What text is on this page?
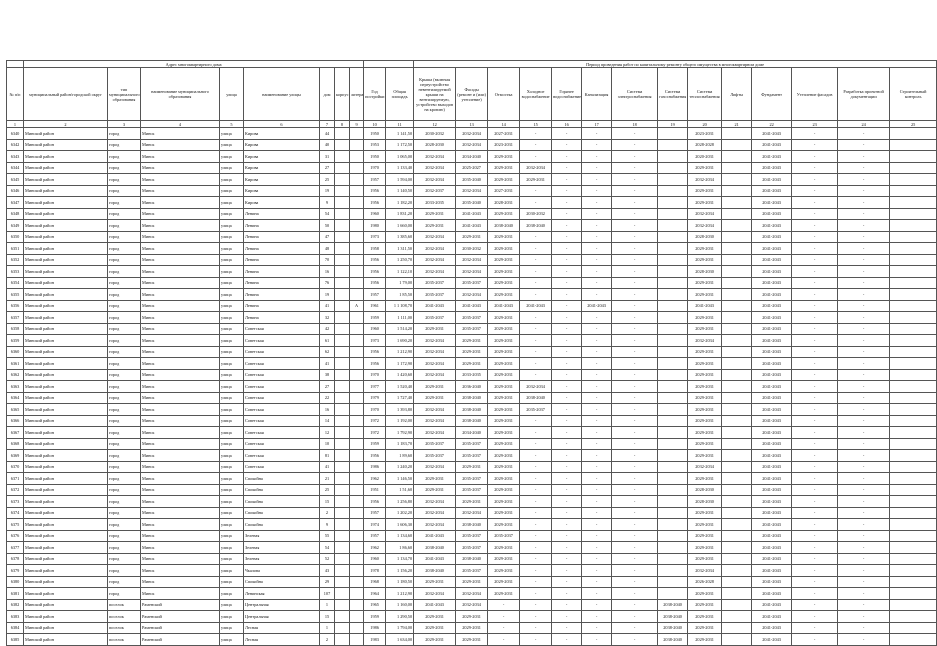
	Адрес многоквартирного дома										Период проведения работ по капитальному ремонту общего имущества в многоквартирном доме													
№ п/п	муниципальный район/городской округ	тип муниципального образования	наименование муниципального образования	улица	наименование улицы	дом	корпус	литера	Год постройки	Общая площадь	Крыша (включая переустройство невентилируемой крыши на вентилируемую, устройство выходов на кровлю)	Фасады (ремонт и (или) утепление)	Отмостка	Холодное водоснабжение	Горячее водоснабжение	Канализация	Система электроснабжения	Система газоснабжения	Система теплоснабжения	Лифты	Фундамент	Утепление фасадов	Разработка проектной документации	Строительный контроль
1	2	3	4	5	6	7	8	9	10	11	12	13	14	15	16	17	18	19	20	21	22	23	24	25
6340	Минский район	город	Минск	улица	Кирова	44			1950	1 141,50	2030-2032	2032-2034	2027-2031	-	-	-	-		2023-2031		2041-2043	-	-	
6342	Минский район	город	Минск	улица	Кирова	40			1953	1 172,50	2028-2030	2032-2034	2023-2031	-	-	-	-		2028-2028		2041-2043	-	-	
6343	Минский район	город	Минск	улица	Кирова	31			1950	1 065,00	2032-2034	2034-2040	2029-2031	-	-	-	-		2020-2031		2041-2043	-	-	
6344	Минский район	город	Минск	улица	Кирова	27			1970	1 133,40	2032-2034	2025-2027	2029-2031	2032-2034	-	-	-		2029-2031		2041-2043	-	-	
6345	Минский район	город	Минск	улица	Кирова	25			1957	1 594,00	2032-2034	2035-2040	2029-2031	2029-2031	-	-	-		2032-2034		2041-2043	-	-	
6346	Минский район	город	Минск	улица	Кирова	19			1956	1 140,50	2032-2037	2032-2034	2027-2031	-	-	-	-		2029-2031		2041-2043	-	-	
6347	Минский район	город	Минск	улица	Кирова	9			1956	1 182,20	2033-2035	2035-2040	2028-2031	-	-	-	-		2029-2031		2041-2043	-	-	
6348	Минский район	город	Минск	улица	Ленина	54			1960	1 831,20	2029-2031	2041-2043	2029-2031	2030-2032	-	-	-		2032-2034		2041-2043	-	-	
6349	Минский район	город	Минск	улица	Ленина	50			1980	1 660,00	2029-2031	2041-2043	2038-2040	2038-2040	-	-	-		2032-2034		2041-2043	-	-	
6350	Минский район	город	Минск	улица	Ленина	47			1973	1 385,60	2032-2034	2029-2031	2029-2031	-	-	-	-		2028-2030		2041-2043	-	-	
6351	Минский район	город	Минск	улица	Ленина	48			1958	1 311,50	2032-2034	2030-2032	2029-2031	-	-	-	-		2029-2031		2041-2043	-	-	
6352	Минский район	город	Минск	улица	Ленина	70			1956	1 250,70	2032-2034	2032-2034	2029-2031	-	-	-	-		2029-2031		2041-2043	-	-	
6353	Минский район	город	Минск	улица	Ленина	16			1956	1 122,10	2032-2034	2032-2034	2029-2031	-	-	-	-		2028-2030		2041-2043	-	-	
6354	Минский район	город	Минск	улица	Ленина	76			1956	1 79,00	2035-2037	2035-2037	2029-2031	-	-	-	-		2029-2031		2041-2043	-	-	
6355	Минский район	город	Минск	улица	Ленина	19			1957	1 85,50	2035-2037	2032-2034	2029-2031	-	-	-	-		2029-2031		2041-2043	-	-	
6356	Минский район	город	Минск	улица	Ленина	41		А	1961	1 1 108,70	2041-2043	2041-2043	2041-2043	2041-2043	-	2041-2043	-		2041-2043		2041-2043	-	-	
6357	Минский район	город	Минск	улица	Ленина	32			1959	1 111,00	2035-2037	2035-2037	2029-2031	-	-	-	-		2029-2031		2041-2043	-	-	
6358	Минский район	город	Минск	улица	Советская	42			1960	1 514,20	2029-2031	2035-2037	2029-2031	-	-	-	-		2029-2031		2041-2043	-	-	
6359	Минский район	город	Минск	улица	Советская	61			1973	1 690,20	2032-2034	2029-2031	2029-2031	-	-	-	-		2032-2034		2041-2043	-	-	
6360	Минский район	город	Минск	улица	Советская	62			1956	1 212,90	2032-2034	2029-2031	2029-2031	-	-	-	-		2029-2031		2041-2043	-	-	
6361	Минский район	город	Минск	улица	Советская	41			1956	1 172,90	2032-2034	2029-2031	2029-2031	-	-	-	-		2029-2031		2041-2043	-	-	
6362	Минский район	город	Минск	улица	Советская	38			1970	1 420,60	2032-2034	2033-2035	2029-2031	-	-	-	-		2029-2031		2041-2043	-	-	
6363	Минский район	город	Минск	улица	Советская	27			1977	1 520,40	2029-2031	2036-2040	2029-2031	2032-2034	-	-	-		2029-2031		2041-2043	-	-	
6364	Минский район	город	Минск	улица	Советская	22			1979	1 727,40	2029-2031	2038-2040	2029-2031	2038-2040	-	-	-		2029-2031		2041-2043	-	-	
6365	Минский район	город	Минск	улица	Советская	16			1970	1 393,80	2032-2034	2038-2040	2029-2031	2035-2037	-	-	-		2029-2031		2041-2043	-	-	
6366	Минский район	город	Минск	улица	Советская	14			1972	1 192,00	2032-2034	2038-2040	2029-2031	-	-	-	-		2029-2031		2041-2043	-	-	
6367	Минский район	город	Минск	улица	Советская	12			1972	1 792,90	2032-2034	2034-2040	2029-2031	-	-	-	-		2029-2031		2041-2043	-	-	
6368	Минский район	город	Минск	улица	Советская	10			1959	1 183,70	2035-2037	2035-2037	2029-2031	-	-	-	-		2029-2031		2041-2043	-	-	
6369	Минский район	город	Минск	улица	Советская	81			1956	1 89,60	2035-2037	2035-2037	2029-2031	-	-	-	-		2029-2031		2041-2043	-	-	
6370	Минский район	город	Минск	улица	Советская	41			1986	1 240,20	2032-2034	2029-2031	2029-2031	-	-	-	-		2032-2034		2041-2043	-	-	
6371	Минский район	город	Минск	улица	Спокойна	21			1962	1 146,50	2029-2031	2035-2037	2029-2031	-	-	-	-		2029-2031		2041-2043	-	-	
6372	Минский район	город	Минск	улица	Спокойна	25			1951	1 51,60	2029-2031	2035-2037	2029-2031	-	-	-	-		2028-2030		2041-2043	-	-	
6373	Минский район	город	Минск	улица	Спокойна	15			1956	1 256,80	2032-2034	2029-2031	2029-2031	-	-	-	-		2028-2030		2041-2043	-	-	
6374	Минский район	город	Минск	улица	Спокойна	2			1957	1 202,20	2032-2034	2032-2034	2029-2031	-	-	-	-		2029-2031		2041-2043	-	-	
6375	Минский район	город	Минск	улица	Спокойна	9			1974	1 606,30	2032-2034	2038-2040	2029-2031	-	-	-	-		2029-2031		2041-2043	-	-	
6376	Минский район	город	Минск	улица	Зеленая	55			1957	1 134,60	2041-2043	2035-2037	2035-2037	-	-	-	-		2029-2031		2041-2043	-	-	
6377	Минский район	город	Минск	улица	Зеленая	54			1962	1 86,60	2038-2040	2035-2037	2029-2031	-	-	-	-		2029-2031		2041-2043	-	-	
6378	Минский район	город	Минск	улица	Зеленая	52			1960	1 134,70	2041-2043	2038-2040	2029-2031	-	-	-	-		2029-2031		2041-2043	-	-	
6379	Минский район	город	Минск	улица	Чкалова	43			1978	1 156,20	2038-2040	2035-2037	2029-2031	-	-	-	-		2032-2034		2041-2043	-	-	
6380	Минский район	город	Минск	улица	Спокойна	29			1968	1 180,50	2029-2031	2029-2031	2029-2031	-	-	-	-		2026-2028		2041-2043	-	-	
6381	Минский район	город	Минск	улица	Ленинская	107			1964	1 212,90	2032-2034	2032-2034	2029-2031	-	-	-	-		2029-2031		2041-2043	-	-	
6382	Минский район	поселок	Раменский	улица	Центральная	1			1965	1 160,00	2041-2043	2032-2034	-	-	-	-	-	2038-2040	2029-2031		2041-2043	-	-	
6383	Минский район	поселок	Раменский	улица	Центральная	15			1959	1 290,50	2029-2031	2029-2031	-	-	-	-	-	2038-2040	2029-2031		2041-2043	-	-	
6384	Минский район	поселок	Раменский	улица	Лесная	1			1986	1 794,00	2029-2031	2029-2031	-	-	-	-	-	2038-2040	2029-2031		2041-2043	-	-	
6385	Минский район	поселок	Раменский	улица	Лесная	2			1983	1 634,00	2029-2031	2029-2031	-	-	-	-	-	2038-2040	2029-2031		2041-2043	-	-	
